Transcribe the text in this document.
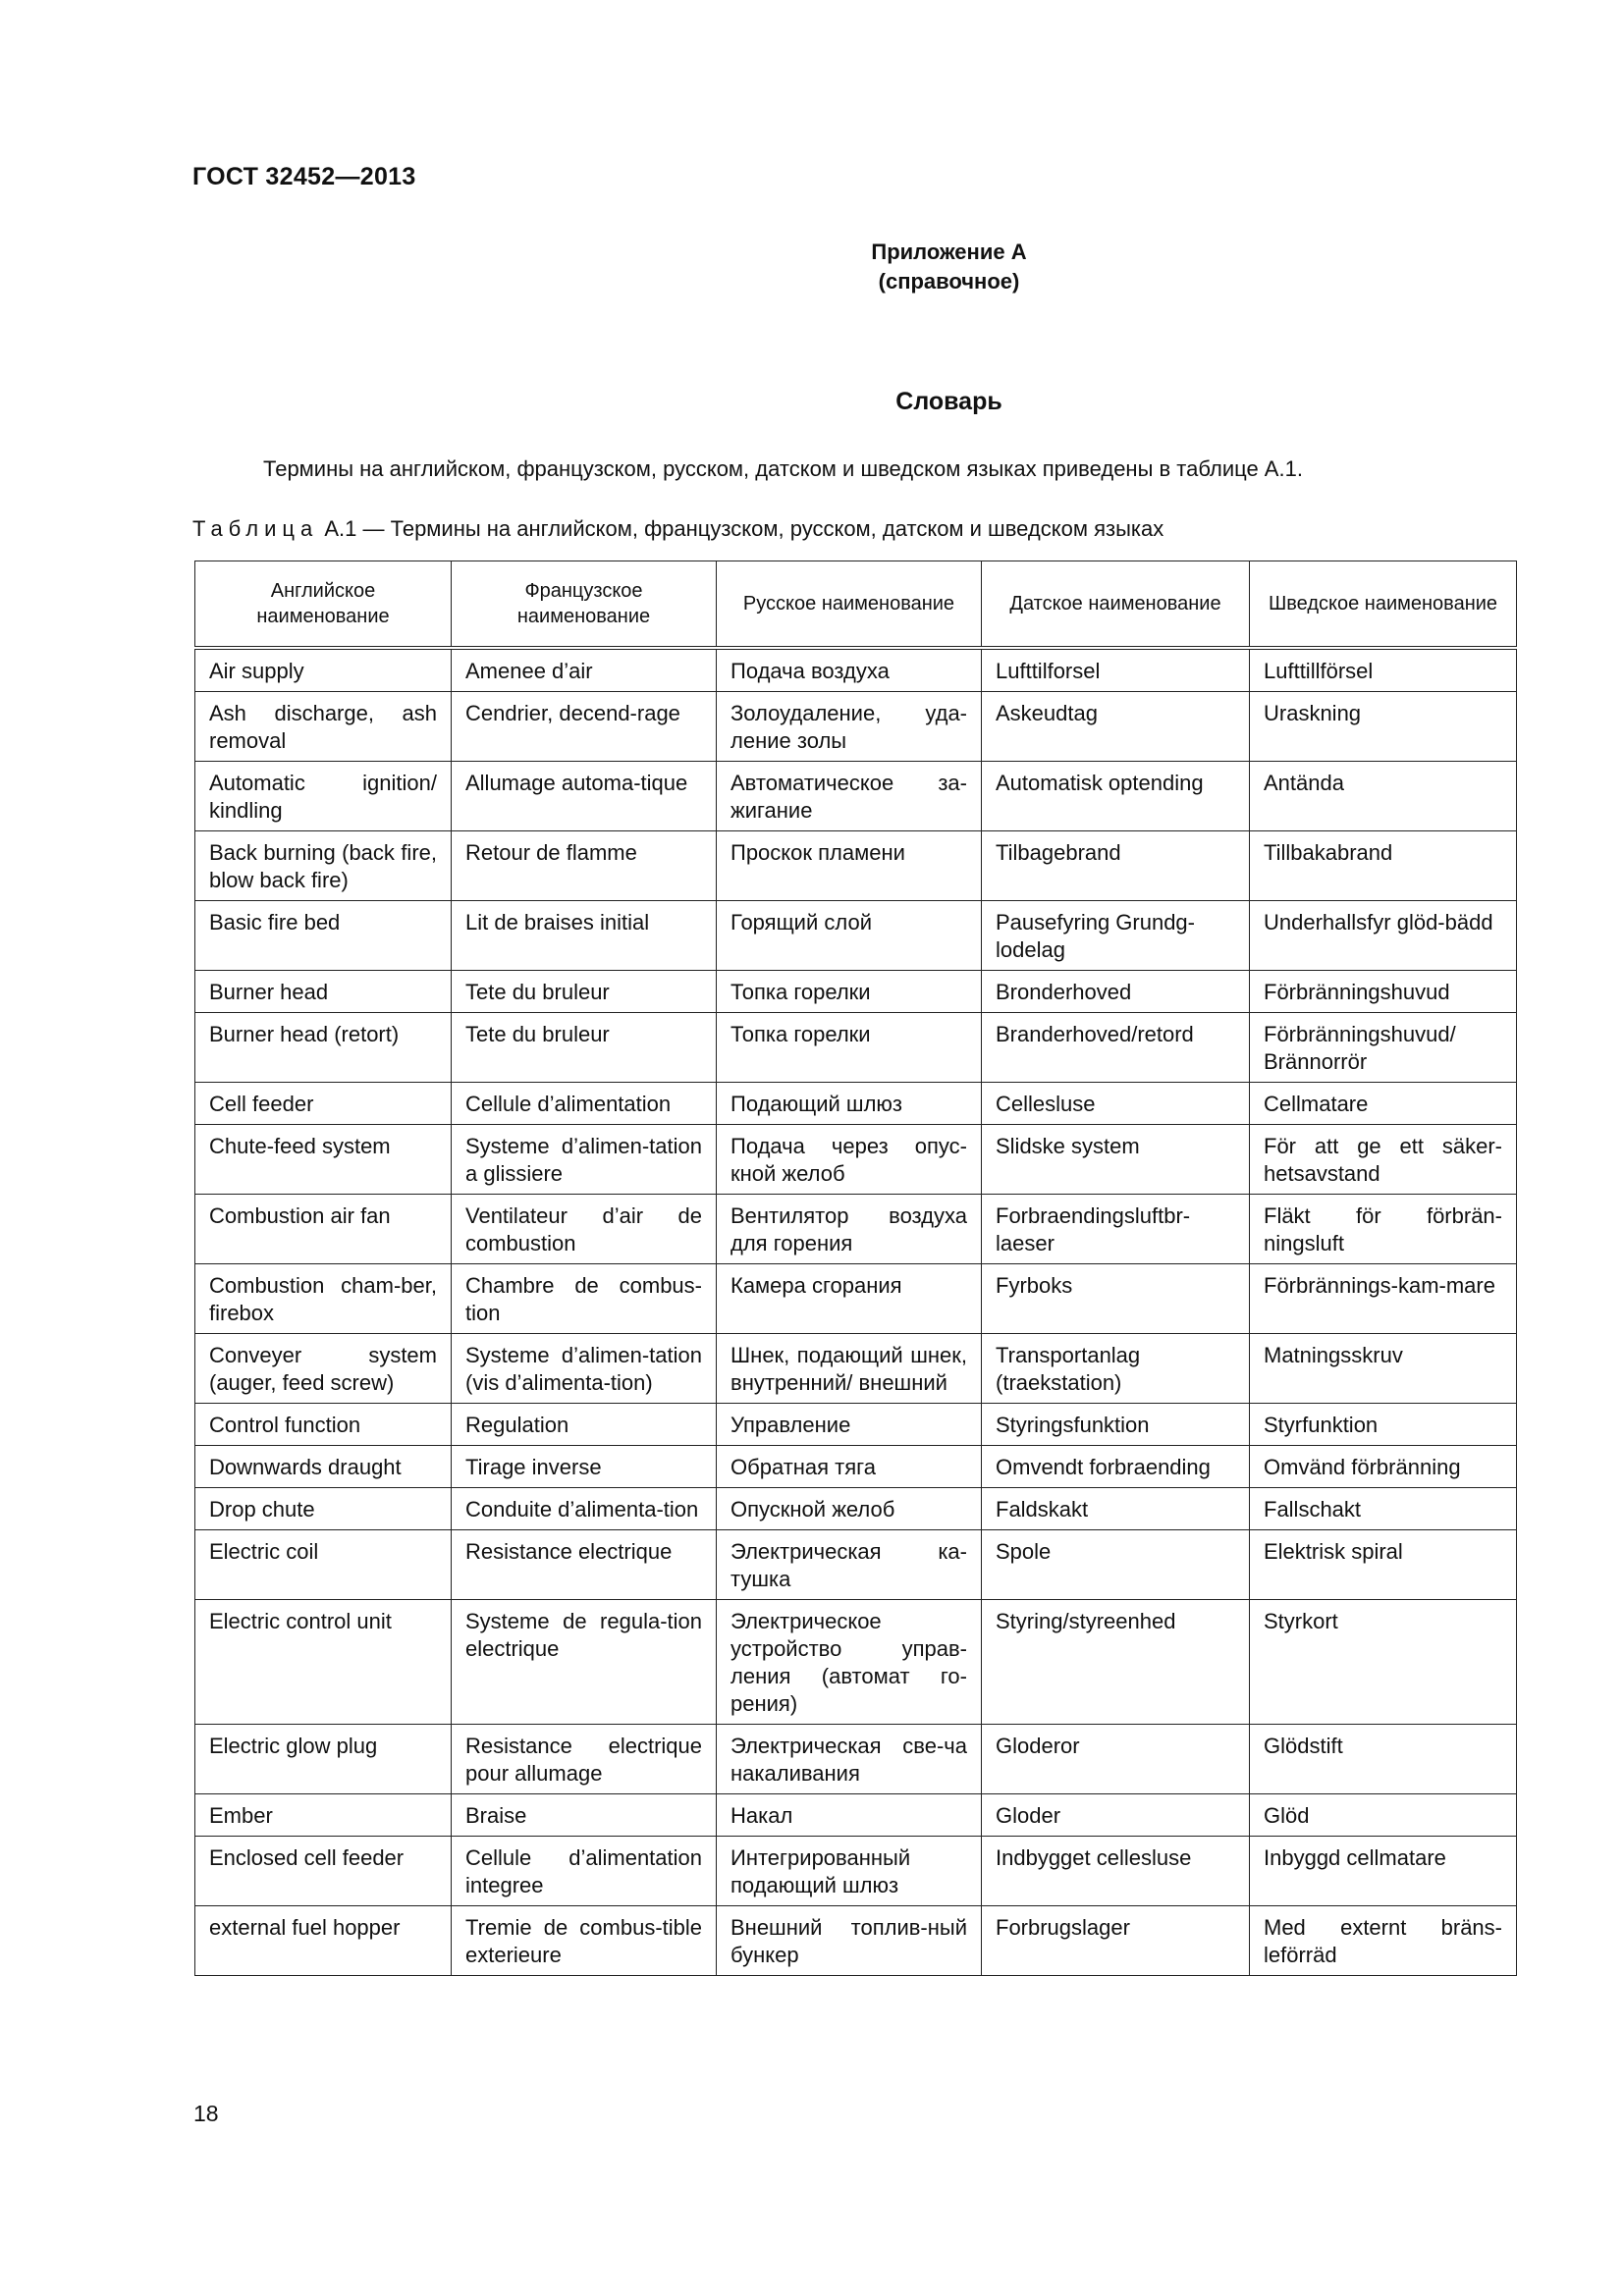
ГОСТ 32452—2013
Приложение А
(справочное)
Словарь
Термины на английском, французском, русском, датском и шведском языках приведены в таблице А.1.
Таблица А.1 — Термины на английском, французском, русском, датском и шведском языках
Английское наименование	Французское наименование	Русское наименование	Датское наименование	Шведское наименование
Air supply	Amenee d’air	Подача воздуха	Lufttilforsel	Lufttillförsel
Ash discharge, ash removal	Cendrier, decend-rage	Золоудаление, уда-ление золы	Askeudtag	Uraskning
Automatic ignition/ kindling	Allumage automa-tique	Автоматическое за-жигание	Automatisk optending	Antända
Back burning (back fire, blow back fire)	Retour de flamme	Проскок пламени	Tilbagebrand	Tillbakabrand
Basic fire bed	Lit de braises initial	Горящий слой	Pausefyring Grundg-lodelag	Underhallsfyr glöd-bädd
Burner head	Tete du bruleur	Топка горелки	Bronderhoved	Förbränningshuvud
Burner head (retort)	Tete du bruleur	Топка горелки	Branderhoved/retord	Förbränningshuvud/ Brännorrör
Cell feeder	Cellule d’alimentation	Подающий шлюз	Cellesluse	Cellmatare
Chute-feed system	Systeme d’alimen-tation a glissiere	Подача через опус-кной желоб	Slidske system	För att ge ett säker-hetsavstand
Combustion air fan	Ventilateur d’air de combustion	Вентилятор воздуха для горения	Forbraendingsluftbr-laeser	Fläkt för förbrän-ningsluft
Combustion cham-ber, firebox	Chambre de combus-tion	Камера сгорания	Fyrboks	Förbrännings-kam-mare
Conveyer system (auger, feed screw)	Systeme d’alimen-tation (vis d’alimenta-tion)	Шнек, подающий шнек, внутренний/ внешний	Transportanlag (traekstation)	Matningsskruv
Control function	Regulation	Управление	Styringsfunktion	Styrfunktion
Downwards draught	Tirage inverse	Обратная тяга	Omvendt forbraending	Omvänd förbränning
Drop chute	Conduite d’alimenta-tion	Опускной желоб	Faldskakt	Fallschakt
Electric coil	Resistance electrique	Электрическая ка-тушка	Spole	Elektrisk spiral
Electric control unit	Systeme de regula-tion electrique	Электрическое устройство управ-ления (автомат го-рения)	Styring/styreenhed	Styrkort
Electric glow plug	Resistance electrique pour allumage	Электрическая све-ча накаливания	Gloderor	Glödstift
Ember	Braise	Накал	Gloder	Glöd
Enclosed cell feeder	Cellule d’alimentation integree	Интегрированный подающий шлюз	Indbygget cellesluse	Inbyggd cellmatare
external fuel hopper	Tremie de combus-tible exterieure	Внешний топлив-ный бункер	Forbrugslager	Med externt bräns-leförräd
18
